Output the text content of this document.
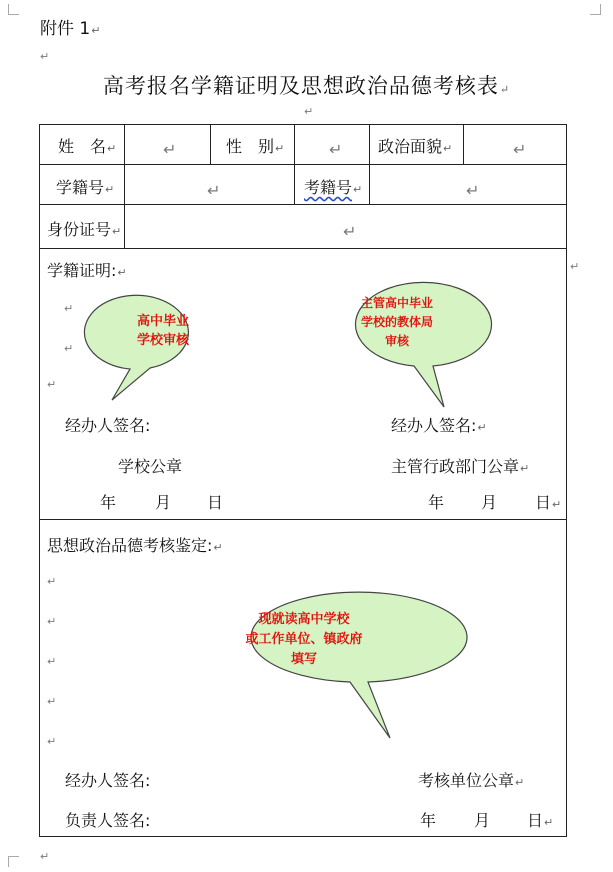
附件 1↵
↵
高考报名学籍证明及思想政治品德考核表↵
↵
姓　名↵	↵	性　别↵	↵ 政治面貌↵	↵
学籍号↵	↵	考籍号↵	↵
身份证号↵	↵
学籍证明:↵
↵
↵
↵
↵
经办人签名:	经办人签名:↵
学校公章	主管行政部门公章↵
年 月 日	年 月 日↵
思想政治品德考核鉴定:↵
↵
↵
↵
↵
↵
经办人签名:	考核单位公章↵
负责人签名:	年 月 日↵
↵
高中毕业
学校审核
主管高中毕业
学校的教体局
审核
现就读高中学校
或工作单位、镇政府
填写
